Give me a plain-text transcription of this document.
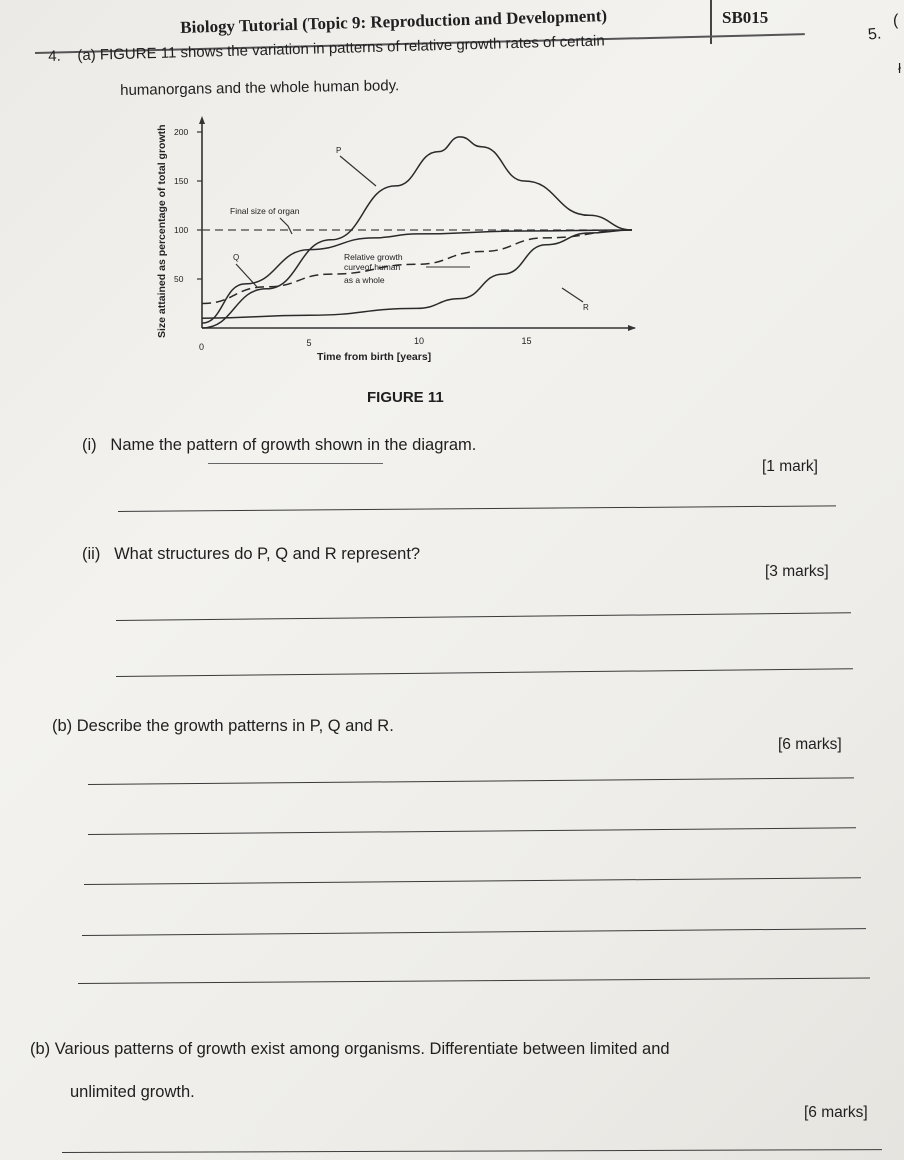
Biology Tutorial (Topic 9: Reproduction and Development)	SB015
5.
(
ł
4. (a) FIGURE 11 shows the variation in patterns of relative growth rates of certain
humanorgans and the whole human body.
50
100
150
200
0	5	10	15
Time from birth [years]
Size attained as percentage of total growth	Final size of organ
P
Q	Relative growth
curveof human
as a whole
R
FIGURE 11
(i) Name the pattern of growth shown in the diagram.
[1 mark]
(ii) What structures do P, Q and R represent?
[3 marks]
(b) Describe the growth patterns in P, Q and R.
[6 marks]
(b) Various patterns of growth exist among organisms. Differentiate between limited and
unlimited growth.
[6 marks]
